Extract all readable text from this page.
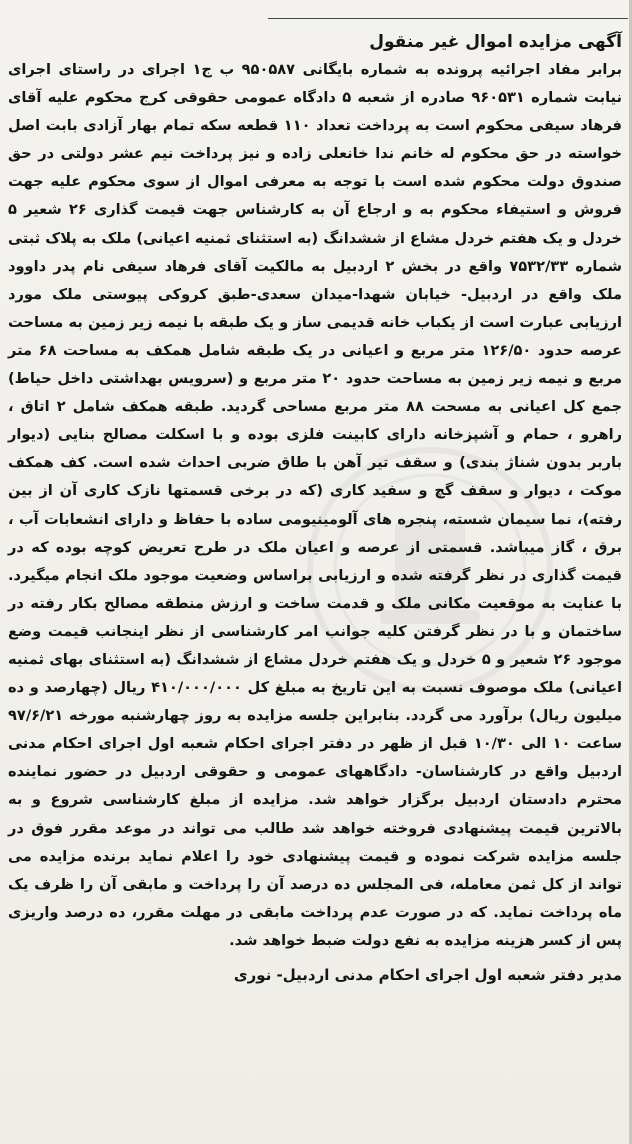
آگهی مزایده اموال غیر منقول

برابر مفاد اجرائیه پرونده به شماره بایگانی ۹۵۰۵۸۷ ب ج۱ اجرای در راستای اجرای نیابت شماره ۹۶۰۵۳۱ صادره از شعبه ۵ دادگاه عمومی حقوقی کرج محکوم علیه آقای فرهاد سیفی محکوم است به پرداخت تعداد ۱۱۰ قطعه سکه تمام بهار آزادی بابت اصل خواسته در حق محکوم له خانم ندا خانعلی زاده و نیز پرداخت نیم عشر دولتی در حق صندوق دولت محکوم شده است با توجه به معرفی اموال از سوی محکوم علیه جهت فروش و استیفاء محکوم به و ارجاع آن به کارشناس جهت قیمت گذاری ۲۶ شعیر ۵ خردل و یک هفتم خردل مشاع از ششدانگ (به استثنای ثمنیه اعیانی) ملک به پلاک ثبتی شماره ۷۵۳۲/۳۳ واقع در بخش ۲ اردبیل به مالکیت آقای فرهاد سیفی نام پدر داوود ملک واقع در اردبیل- خیابان شهدا-میدان سعدی-طبق کروکی پیوستی ملک مورد ارزیابی عبارت است از یکباب خانه قدیمی ساز و یک طبقه با نیمه زیر زمین به مساحت عرصه حدود ۱۲۶/۵۰ متر مربع و اعیانی در یک طبقه شامل همکف به مساحت ۶۸ متر مربع و نیمه زیر زمین به مساحت حدود ۲۰ متر مربع و (سرویس بهداشتی داخل حیاط) جمع کل اعیانی به مسحت ۸۸ متر مربع مساحی گردید. طبقه همکف شامل ۲ اتاق ، راهرو ، حمام و آشپزخانه دارای کابینت فلزی بوده و با اسکلت مصالح بنایی (دیوار باربر بدون شناژ بندی) و سقف تیر آهن با طاق ضربی احداث شده است. کف همکف موکت ، دیوار و سقف گچ و سفید کاری (که در برخی قسمتها نازک کاری آن از بین رفته)، نما سیمان شسته، پنجره های آلومینیومی ساده با حفاظ و دارای انشعابات آب ، برق ، گاز میباشد. قسمتی از عرصه و اعیان ملک در طرح تعریض کوچه بوده که در قیمت گذاری در نظر گرفته شده و ارزیابی براساس وضعیت موجود ملک انجام میگیرد. با عنایت به موقعیت مکانی ملک و قدمت ساخت و ارزش منطقه مصالح بکار رفته در ساختمان و با در نظر گرفتن کلیه جوانب امر کارشناسی از نظر اینجانب قیمت وضع موجود ۲۶ شعیر و ۵ خردل و یک هفتم خردل مشاع از ششدانگ (به استثنای بهای ثمنیه اعیانی) ملک موصوف نسبت به این تاریخ به مبلغ کل ۴۱۰/۰۰۰/۰۰۰ ریال (چهارصد و ده میلیون ریال) برآورد می گردد. بنابراین جلسه مزایده به روز چهارشنبه مورخه ۹۷/۶/۲۱ ساعت ۱۰ الی ۱۰/۳۰ قبل از ظهر در دفتر اجرای احکام شعبه اول اجرای احکام مدنی اردبیل واقع در کارشناسان- دادگاههای عمومی و حقوقی اردبیل در حضور نماینده محترم دادستان اردبیل برگزار خواهد شد. مزایده از مبلغ کارشناسی شروع و به بالاترین قیمت پیشنهادی فروخته خواهد شد طالب می تواند در موعد مقرر فوق در جلسه مزایده شرکت نموده و قیمت پیشنهادی خود را اعلام نماید برنده مزایده می تواند از کل ثمن معامله، فی المجلس ده درصد آن را پرداخت و مابقی آن را ظرف یک ماه پرداخت نماید. که در صورت عدم پرداخت مابقی در مهلت مقرر، ده درصد واریزی پس از کسر هزینه مزایده به نفع دولت ضبط خواهد شد.

مدیر دفتر شعبه اول اجرای احکام مدنی اردبیل- نوری
